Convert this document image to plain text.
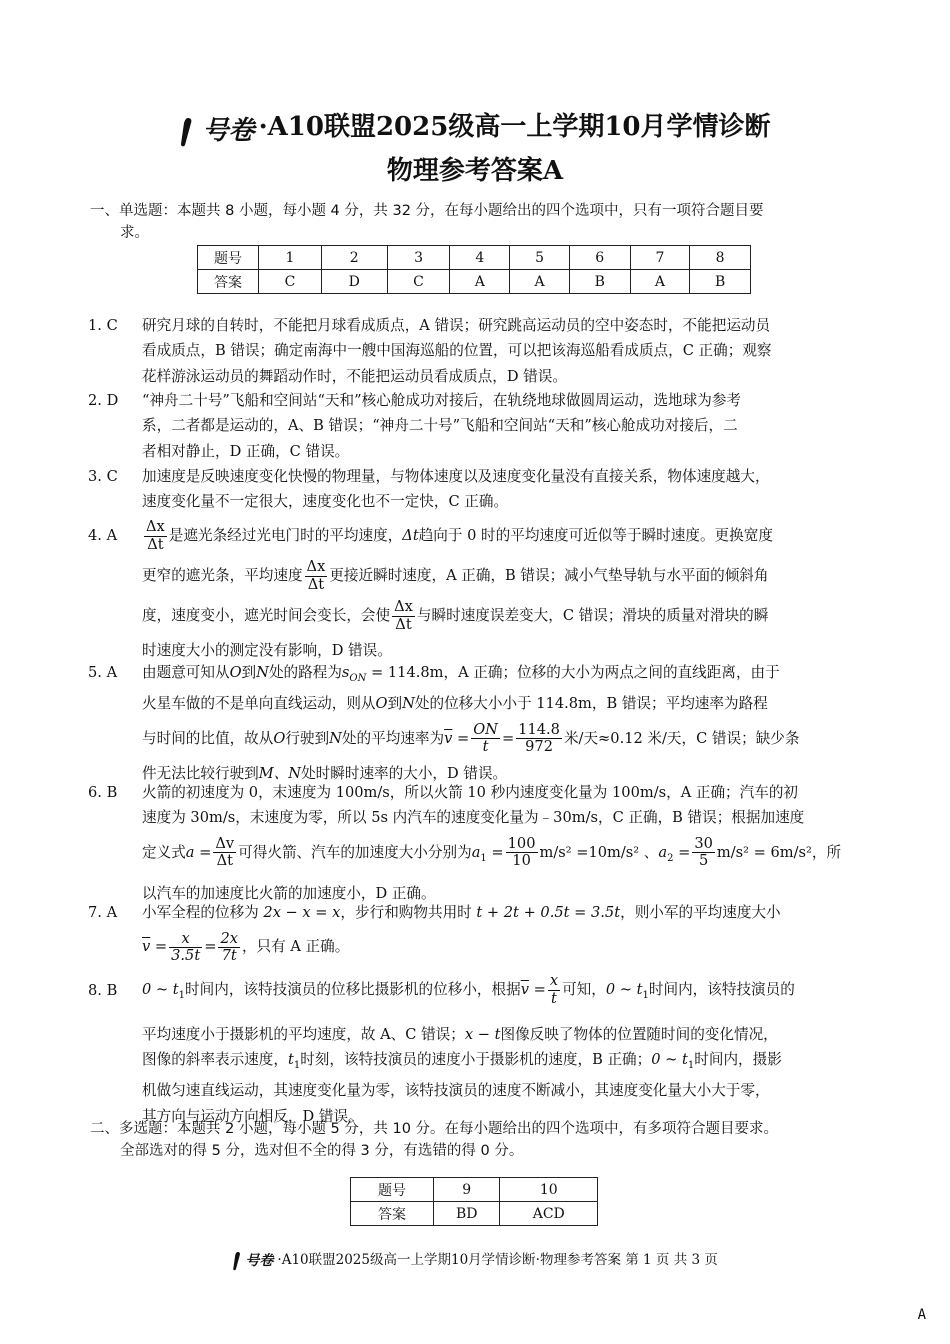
号卷 ·A10联盟2025级高一上学期10月学情诊断
物理参考答案A
一、单选题：本题共 8 小题，每小题 4 分，共 32 分，在每小题给出的四个选项中，只有一项符合题目要
求。
题号	1	2	3	4	5	6	7	8
答案	C	D	C	A	A	B	A	B
1. C	研究月球的自转时，不能把月球看成质点，A 错误；研究跳高运动员的空中姿态时，不能把运动员
看成质点，B 错误；确定南海中一艘中国海巡船的位置，可以把该海巡船看成质点，C 正确；观察
花样游泳运动员的舞蹈动作时，不能把运动员看成质点，D 错误。
2. D	“神舟二十号”飞船和空间站“天和”核心舱成功对接后，在轨绕地球做圆周运动，选地球为参考
系，二者都是运动的，A、B 错误；“神舟二十号”飞船和空间站“天和”核心舱成功对接后，二
者相对静止，D 正确，C 错误。
3. C	加速度是反映速度变化快慢的物理量，与物体速度以及速度变化量没有直接关系，物体速度越大，
速度变化量不一定很大，速度变化也不一定快，C 正确。
4. A	$\frac{\Delta x}{\Delta t}$ 是遮光条经过光电门时的平均速度，Δt趋向于 0 时的平均速度可近似等于瞬时速度。更换宽度
更窄的遮光条，平均速度 $\frac{\Delta x}{\Delta t}$ 更接近瞬时速度，A 正确，B 错误；减小气垫导轨与水平面的倾斜角
度，速度变小，遮光时间会变长，会使 $\frac{\Delta x}{\Delta t}$ 与瞬时速度误差变大，C 错误；滑块的质量对滑块的瞬
时速度大小的测定没有影响，D 错误。
5. A	由题意可知从O到N处的路程为$s_{ON} = 114.8m$，A 正确；位移的大小为两点之间的直线距离，由于
火星车做的不是单向直线运动，则从O到N处的位移大小小于 114.8m，B 错误；平均速率为路程
与时间的比值，故从O行驶到N处的平均速率为$\overline{v} = \frac{ON}{t} = \frac{114.8}{972}$ 米/天≈0.12 米/天，C 错误；缺少条
件无法比较行驶到M、N处时瞬时速率的大小，D 错误。
6. B	火箭的初速度为 0，末速度为 100m/s，所以火箭 10 秒内速度变化量为 100m/s，A 正确；汽车的初
速度为 30m/s，末速度为零，所以 5s 内汽车的速度变化量为﹣30m/s，C 正确，B 错误；根据加速度
定义式$a = \frac{\Delta v}{\Delta t}$ 可得火箭、汽车的加速度大小分别为$a_1 = \frac{100}{10} m/s^2 =10m/s^2$ 、$a_2 = \frac{30}{5} m/s^2 = 6m/s^2$，所
以汽车的加速度比火箭的加速度小，D 正确。
7. A	小军全程的位移为 2x − x = x，步行和购物共用时 t + 2t + 0.5t = 3.5t，则小军的平均速度大小
$\overline{v} = \frac{x}{3.5t} = \frac{2x}{7t}$ ，只有 A 正确。
8. B	0 ~ $t_1$时间内，该特技演员的位移比摄影机的位移小，根据$\overline{v} = \frac{x}{t}$ 可知，0 ~ $t_1$时间内，该特技演员的
平均速度小于摄影机的平均速度，故 A、C 错误；x − t图像反映了物体的位置随时间的变化情况，
图像的斜率表示速度，$t_1$时刻，该特技演员的速度小于摄影机的速度，B 正确；0 ~ $t_1$时间内，摄影
机做匀速直线运动，其速度变化量为零，该特技演员的速度不断减小，其速度变化量大小大于零，
其方向与运动方向相反，D 错误。
二、多选题：本题共 2 小题，每小题 5 分，共 10 分。在每小题给出的四个选项中，有多项符合题目要求。
全部选对的得 5 分，选对但不全的得 3 分，有选错的得 0 分。
题号	9	10
答案	BD	ACD
号卷 ·A10联盟2025级高一上学期10月学情诊断·物理参考答案 第 1 页 共 3 页
A
